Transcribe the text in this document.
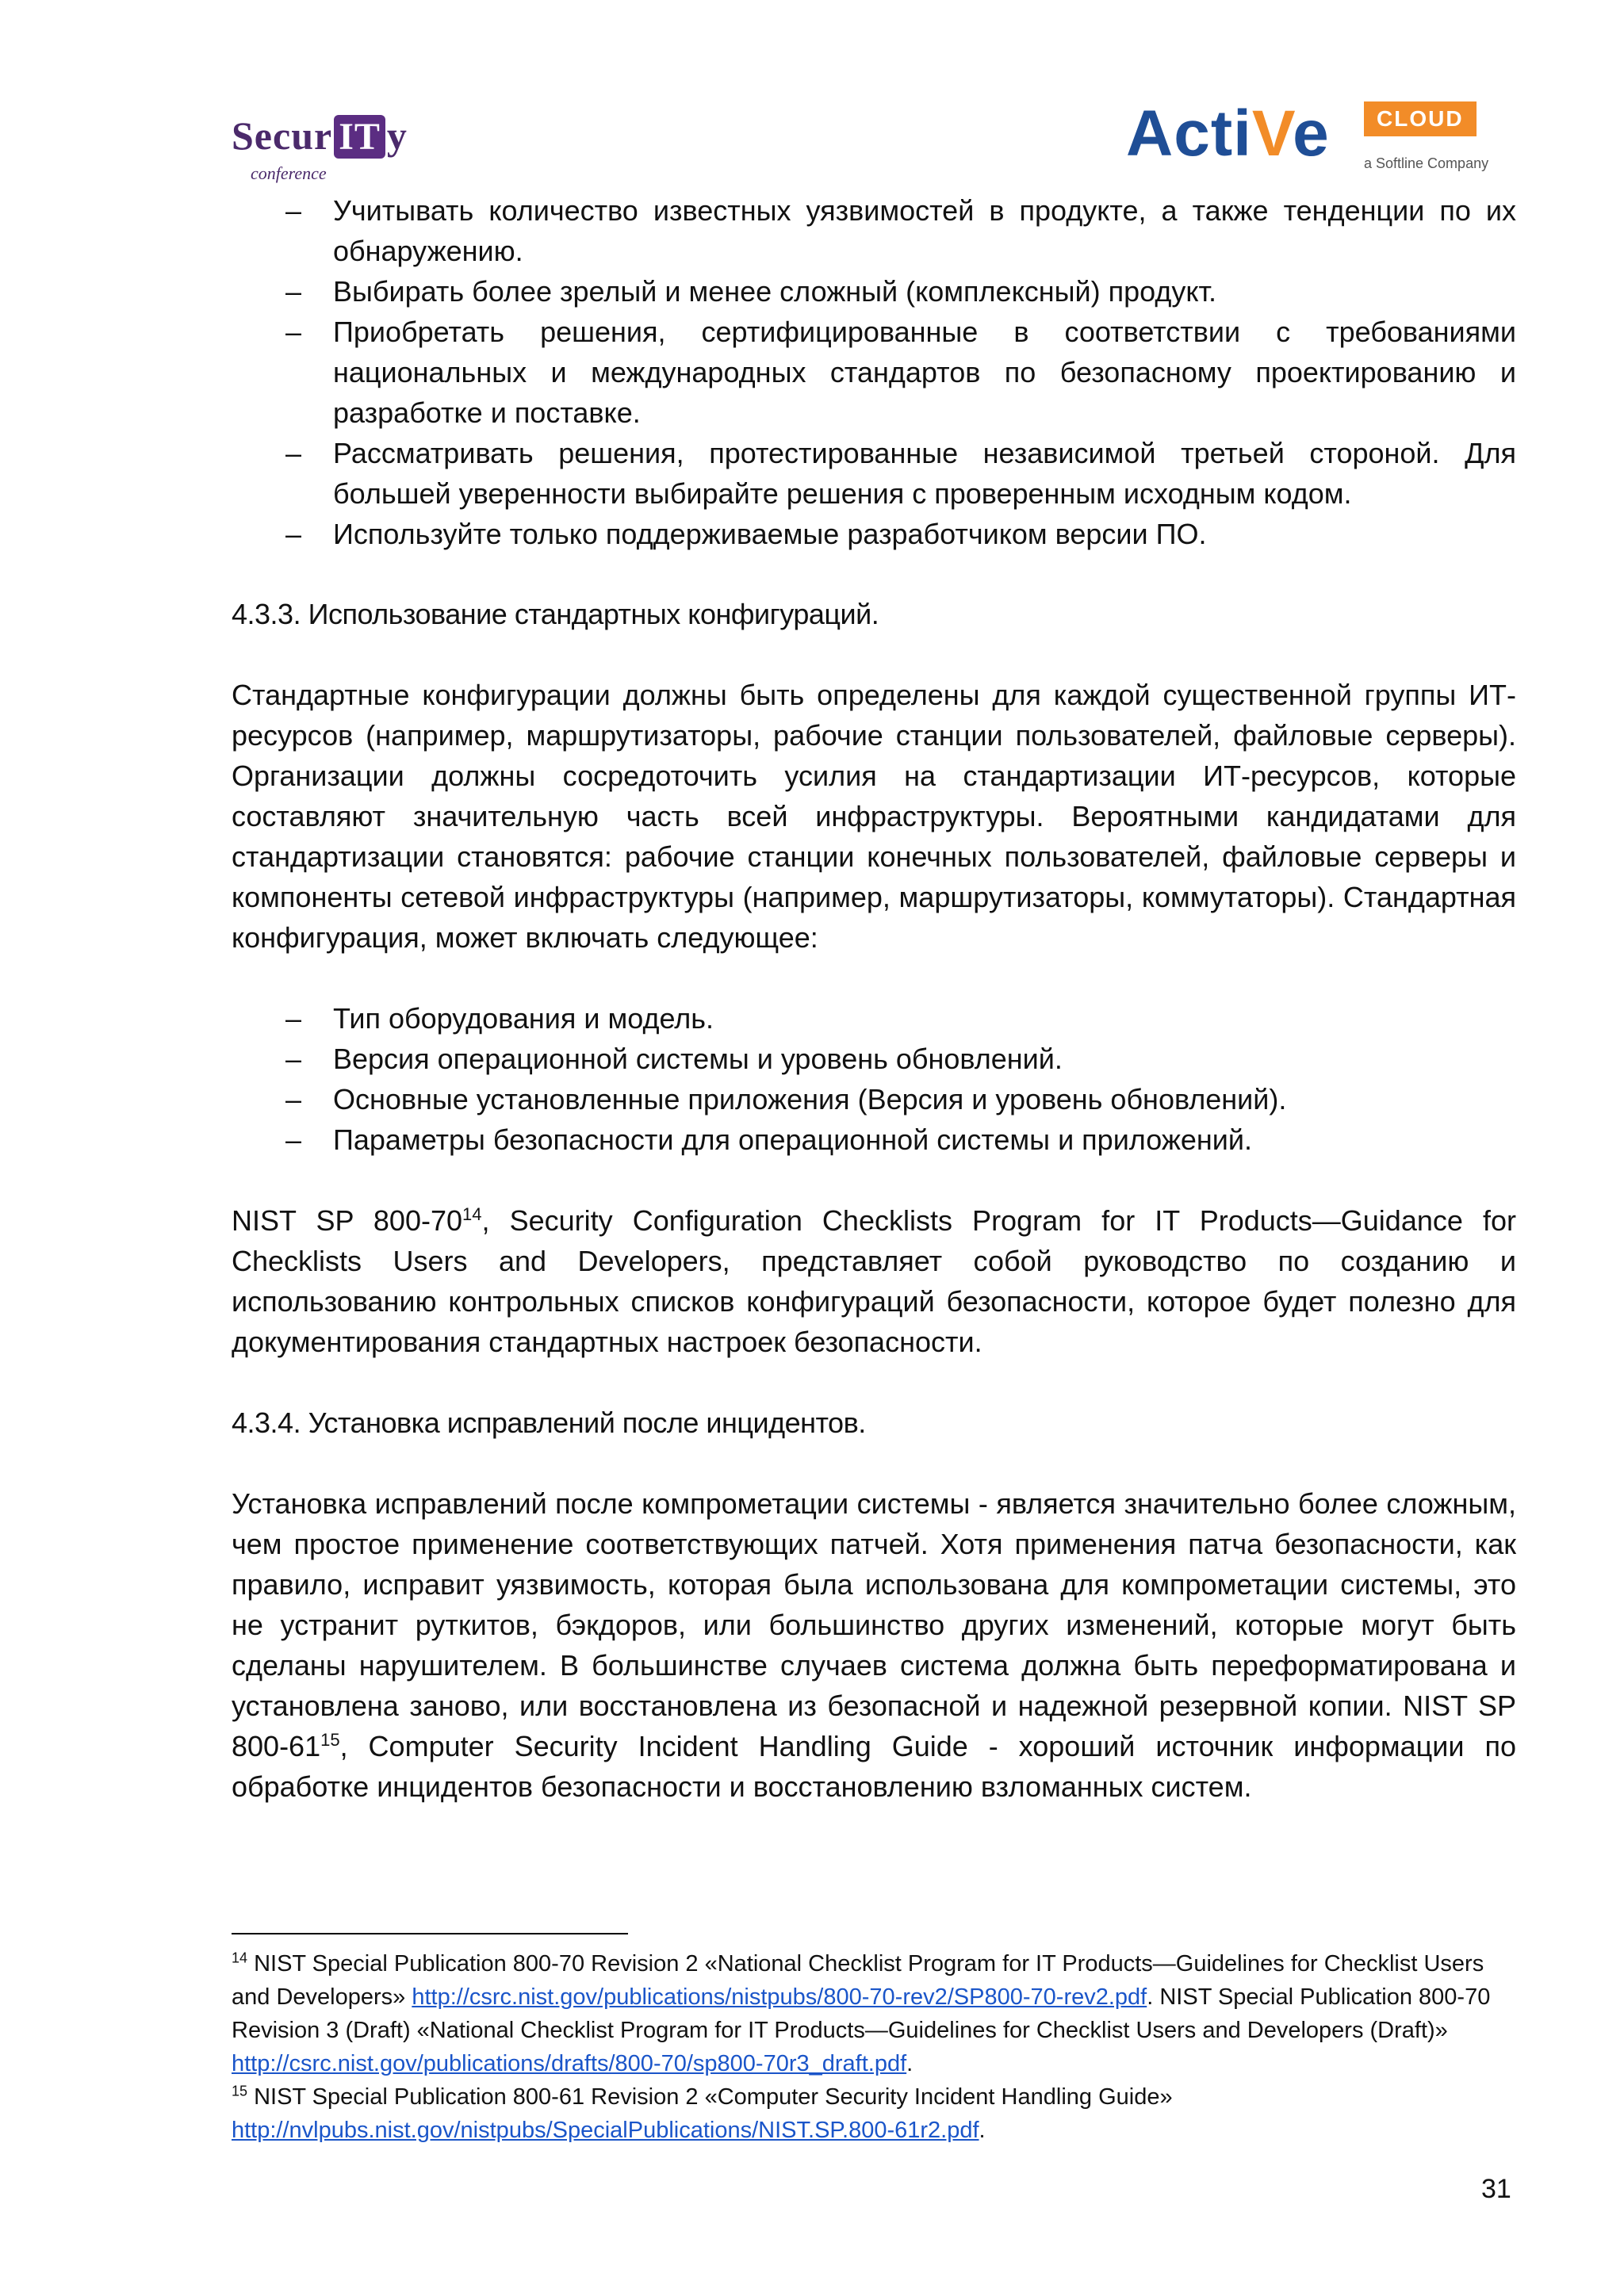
Secur IT y
conference
ActiVe	CLOUD
a Softline Company
– Учитывать количество известных уязвимостей в продукте, а также тенденции по их обнаружению.
– Выбирать более зрелый и менее сложный (комплексный) продукт.
– Приобретать решения, сертифицированные в соответствии с требованиями национальных и международных стандартов по безопасному проектированию и разработке и поставке.
– Рассматривать решения, протестированные независимой третьей стороной. Для большей уверенности выбирайте решения с проверенным исходным кодом.
– Используйте только поддерживаемые разработчиком версии ПО.

4.3.3. Использование стандартных конфигураций.

Стандартные конфигурации должны быть определены для каждой существенной группы ИТ-ресурсов (например, маршрутизаторы, рабочие станции пользователей, файловые серверы). Организации должны сосредоточить усилия на стандартизации ИТ-ресурсов, которые составляют значительную часть всей инфраструктуры. Вероятными кандидатами для стандартизации становятся: рабочие станции конечных пользователей, файловые серверы и компоненты сетевой инфраструктуры (например, маршрутизаторы, коммутаторы). Стандартная конфигурация, может включать следующее:

– Тип оборудования и модель.
– Версия операционной системы и уровень обновлений.
– Основные установленные приложения (Версия и уровень обновлений).
– Параметры безопасности для операционной системы и приложений.

NIST SP $800-70^{14}$, Security Configuration Checklists Program for IT Products—Guidance for Checklists Users and Developers, представляет собой руководство по созданию и использованию контрольных списков конфигураций безопасности, которое будет полезно для документирования стандартных настроек безопасности.

4.3.4. Установка исправлений после инцидентов.

Установка исправлений после компрометации системы - является значительно более сложным, чем простое применение соответствующих патчей. Хотя применения патча безопасности, как правило, исправит уязвимость, которая была использована для компрометации системы, это не устранит руткитов, бэкдоров, или большинство других изменений, которые могут быть сделаны нарушителем. В большинстве случаев система должна быть переформатирована и установлена заново, или восстановлена из безопасной и надежной резервной копии. NIST SP $800-61^{15}$, Computer Security Incident Handling Guide - хороший источник информации по обработке инцидентов безопасности и восстановлению взломанных систем.

$^{14}$ NIST Special Publication 800-70 Revision 2 «National Checklist Program for IT Products—Guidelines for Checklist Users and Developers» http://csrc.nist.gov/publications/nistpubs/800-70-rev2/SP800-70-rev2.pdf. NIST Special Publication 800-70 Revision 3 (Draft) «National Checklist Program for IT Products—Guidelines for Checklist Users and Developers (Draft)» http://csrc.nist.gov/publications/drafts/800-70/sp800-70r3_draft.pdf.

$^{15}$ NIST Special Publication 800-61 Revision 2 «Computer Security Incident Handling Guide»
http://nvlpubs.nist.gov/nistpubs/SpecialPublications/NIST.SP.800-61r2.pdf.

31
